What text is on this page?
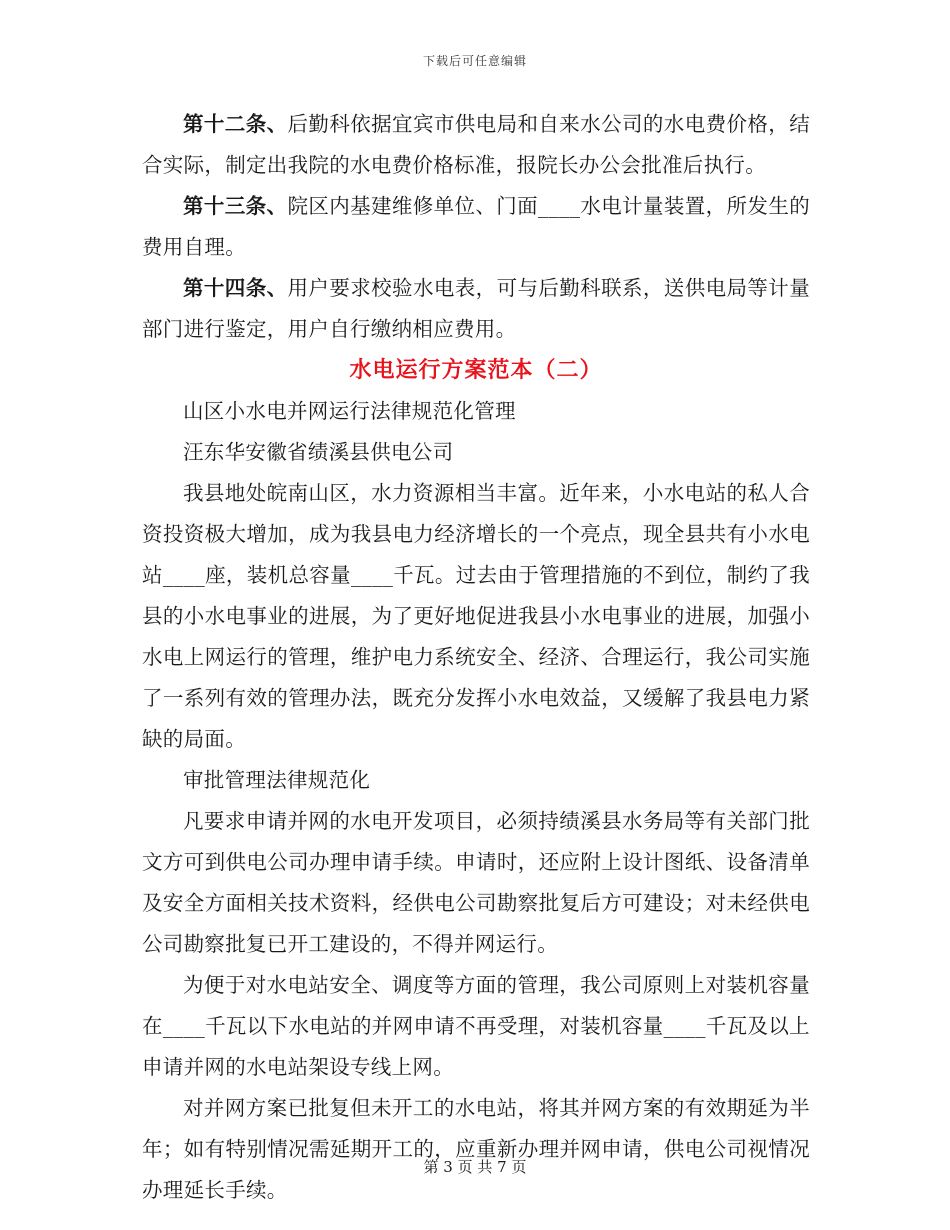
下载后可任意编辑

第十二条、后勤科依据宜宾市供电局和自来水公司的水电费价格，结合实际，制定出我院的水电费价格标准，报院长办公会批准后执行。

第十三条、院区内基建维修单位、门面____水电计量装置，所发生的费用自理。

第十四条、用户要求校验水电表，可与后勤科联系，送供电局等计量部门进行鉴定，用户自行缴纳相应费用。

水电运行方案范本（二）

山区小水电并网运行法律规范化管理

汪东华安徽省绩溪县供电公司

我县地处皖南山区，水力资源相当丰富。近年来，小水电站的私人合资投资极大增加，成为我县电力经济增长的一个亮点，现全县共有小水电站____座，装机总容量____千瓦。过去由于管理措施的不到位，制约了我县的小水电事业的进展，为了更好地促进我县小水电事业的进展，加强小水电上网运行的管理，维护电力系统安全、经济、合理运行，我公司实施了一系列有效的管理办法，既充分发挥小水电效益，又缓解了我县电力紧缺的局面。

审批管理法律规范化

凡要求申请并网的水电开发项目，必须持绩溪县水务局等有关部门批文方可到供电公司办理申请手续。申请时，还应附上设计图纸、设备清单及安全方面相关技术资料，经供电公司勘察批复后方可建设；对未经供电公司勘察批复已开工建设的，不得并网运行。

为便于对水电站安全、调度等方面的管理，我公司原则上对装机容量在____千瓦以下水电站的并网申请不再受理，对装机容量____千瓦及以上申请并网的水电站架设专线上网。

对并网方案已批复但未开工的水电站，将其并网方案的有效期延为半年；如有特别情况需延期开工的，应重新办理并网申请，供电公司视情况办理延长手续。

第 3 页 共 7 页
